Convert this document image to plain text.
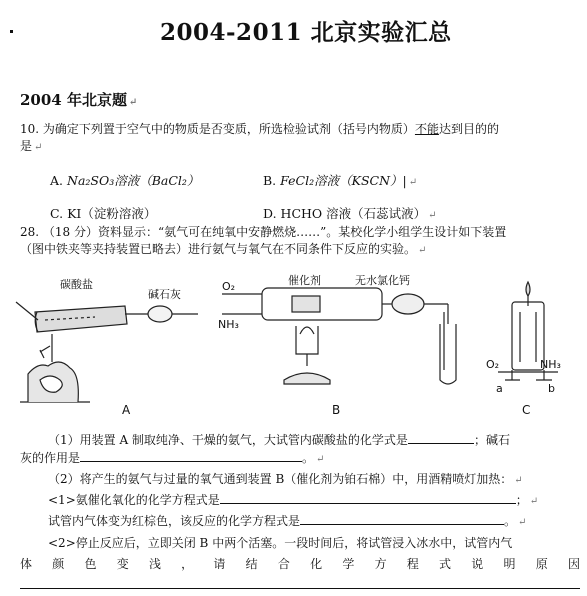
2004-2011 北京实验汇总
2004 年北京题 ↵
10. 为确定下列置于空气中的物质是否变质，所选检验试剂（括号内物质）不能达到目的的
是 ↵
A. Na₂SO₃溶液（BaCl₂）	B. FeCl₂溶液（KSCN）| ↵
C. KI（淀粉溶液）	D. HCHO 溶液（石蕊试液） ↵
28. （18 分）资料显示：“氨气可在纯氧中安静燃烧……”。某校化学小组学生设计如下装置
（图中铁夹等夹持装置已略去）进行氨气与氧气在不同条件下反应的实验。 ↵
碳酸盐
碱石灰
O₂
NH₃
催化剂	无水氯化钙
O₂	NH₃
a	b
A	B	C
（1）用装置 A 制取纯净、干燥的氨气，大试管内碳酸盐的化学式是	；碱石
灰的作用是	。 ↵
（2）将产生的氨气与过量的氧气通到装置 B（催化剂为铂石棉）中，用酒精喷灯加热： ↵
<1>氨催化氧化的化学方程式是	； ↵
试管内气体变为红棕色，该反应的化学方程式是	。 ↵
<2>停止反应后，立即关闭 B 中两个活塞。一段时间后，将试管浸入冰水中，试管内气
体 颜 色 变 浅 ， 请 结 合 化 学 方 程 式 说 明 原 因
